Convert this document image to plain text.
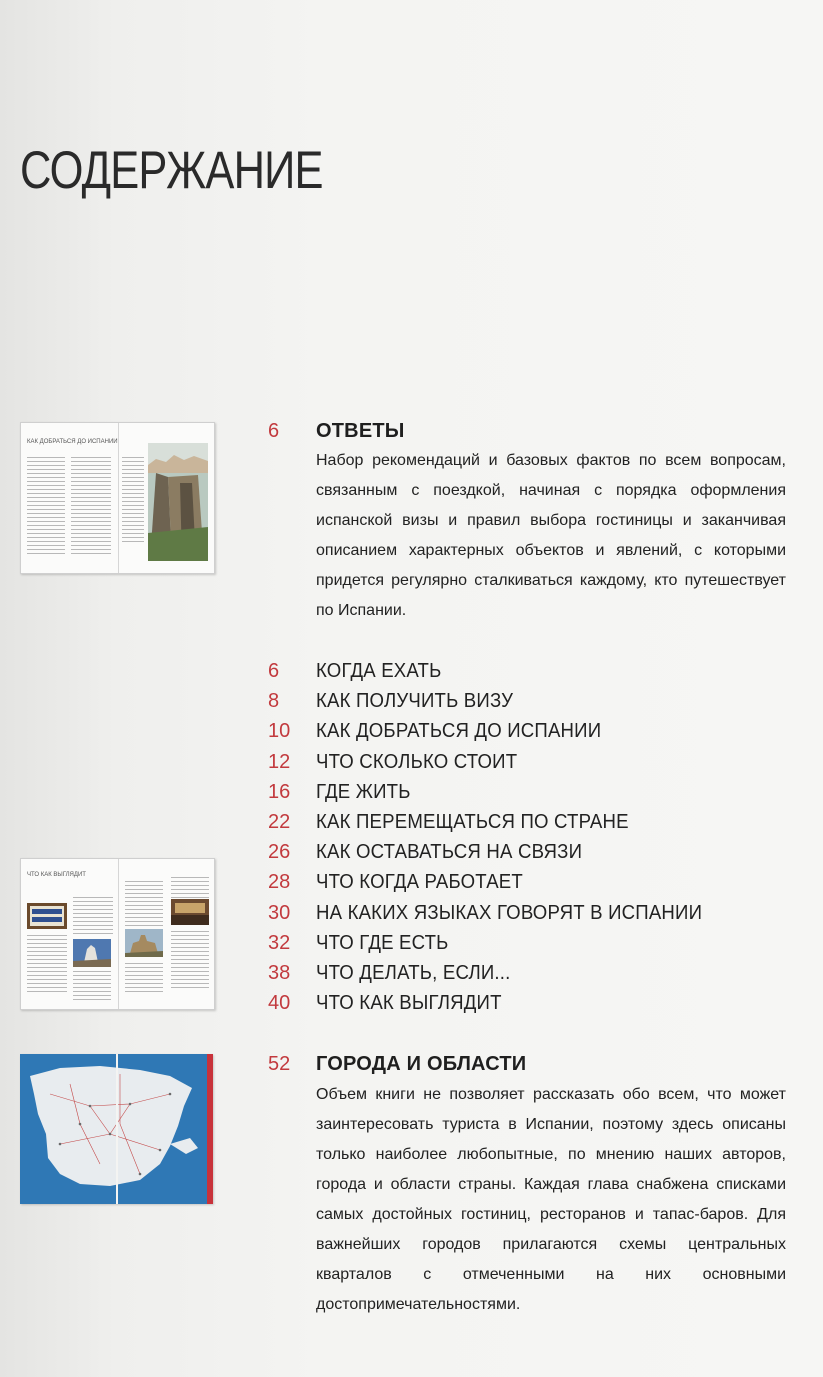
СОДЕРЖАНИЕ
КАК ДОБРАТЬСЯ ДО ИСПАНИИ
ЧТО КАК ВЫГЛЯДИТ
6	ОТВЕТЫ

Набор рекомендаций и базовых фактов по всем вопросам, связанным с поездкой, начиная с порядка оформления испанской визы и правил выбора гостиницы и заканчивая описанием характерных объектов и явлений, с которыми придется регулярно сталкиваться каждому, кто путешествует по Испании.

6	КОГДА ЕХАТЬ
8	КАК ПОЛУЧИТЬ ВИЗУ
10	КАК ДОБРАТЬСЯ ДО ИСПАНИИ
12	ЧТО СКОЛЬКО СТОИТ
16	ГДЕ ЖИТЬ
22	КАК ПЕРЕМЕЩАТЬСЯ ПО СТРАНЕ
26	КАК ОСТАВАТЬСЯ НА СВЯЗИ
28	ЧТО КОГДА РАБОТАЕТ
30	НА КАКИХ ЯЗЫКАХ ГОВОРЯТ В ИСПАНИИ
32	ЧТО ГДЕ ЕСТЬ
38	ЧТО ДЕЛАТЬ, ЕСЛИ...
40	ЧТО КАК ВЫГЛЯДИТ
52	ГОРОДА И ОБЛАСТИ

Объем книги не позволяет рассказать обо всем, что может заинтересовать туриста в Испании, поэтому здесь описаны только наиболее любопытные, по мнению наших авторов, города и области страны. Каждая глава снабжена списками самых достойных гостиниц, ресторанов и тапас-баров. Для важнейших городов прилагаются схемы центральных кварталов с отмеченными на них основными достопримечательностями.
